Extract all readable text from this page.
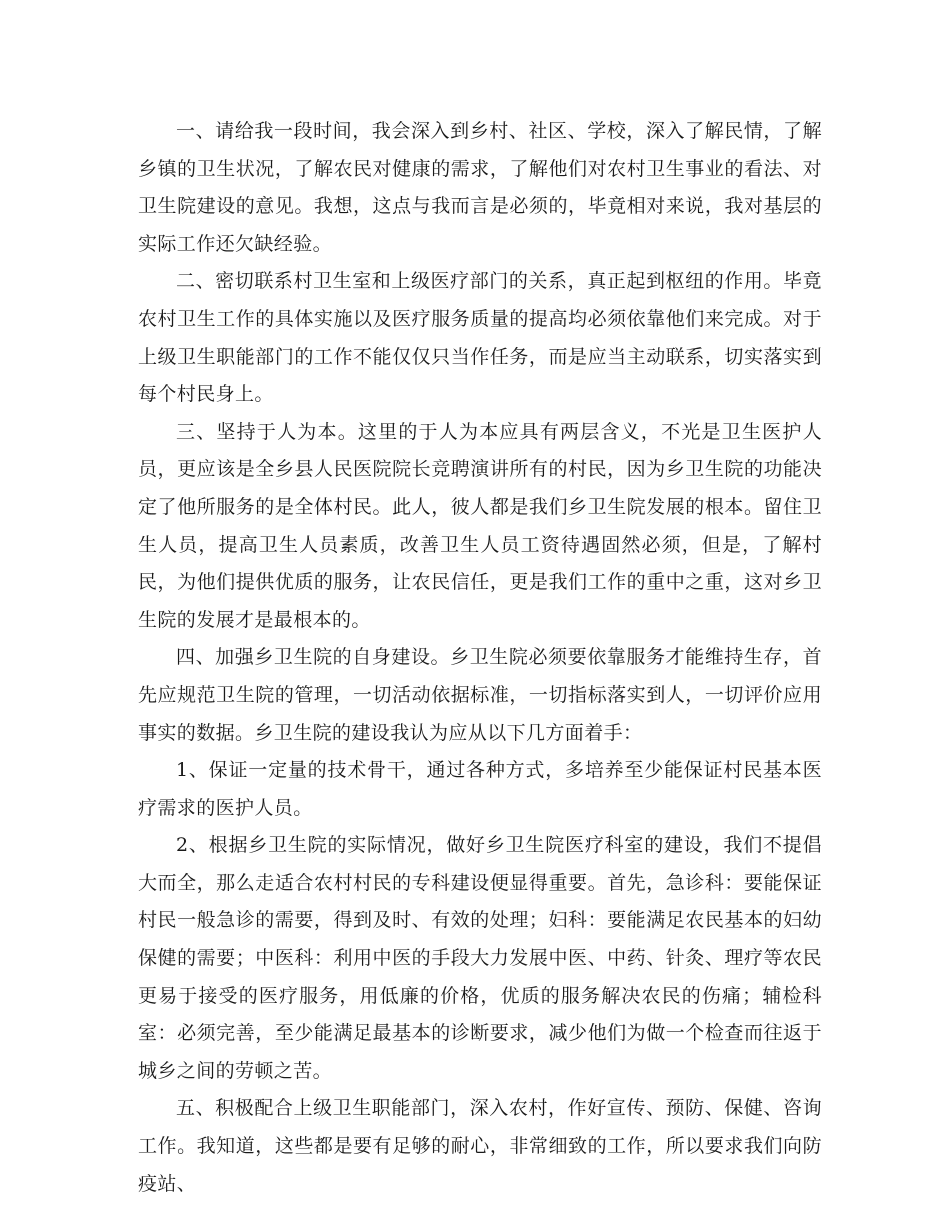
一、请给我一段时间，我会深入到乡村、社区、学校，深入了解民情，了解乡镇的卫生状况，了解农民对健康的需求，了解他们对农村卫生事业的看法、对卫生院建设的意见。我想，这点与我而言是必须的，毕竟相对来说，我对基层的实际工作还欠缺经验。

二、密切联系村卫生室和上级医疗部门的关系，真正起到枢纽的作用。毕竟农村卫生工作的具体实施以及医疗服务质量的提高均必须依靠他们来完成。对于上级卫生职能部门的工作不能仅仅只当作任务，而是应当主动联系，切实落实到每个村民身上。

三、坚持于人为本。这里的于人为本应具有两层含义，不光是卫生医护人员，更应该是全乡县人民医院院长竞聘演讲所有的村民，因为乡卫生院的功能决定了他所服务的是全体村民。此人，彼人都是我们乡卫生院发展的根本。留住卫生人员，提高卫生人员素质，改善卫生人员工资待遇固然必须，但是，了解村民，为他们提供优质的服务，让农民信任，更是我们工作的重中之重，这对乡卫生院的发展才是最根本的。

四、加强乡卫生院的自身建设。乡卫生院必须要依靠服务才能维持生存，首先应规范卫生院的管理，一切活动依据标准，一切指标落实到人，一切评价应用事实的数据。乡卫生院的建设我认为应从以下几方面着手：

1、保证一定量的技术骨干，通过各种方式，多培养至少能保证村民基本医疗需求的医护人员。

2、根据乡卫生院的实际情况，做好乡卫生院医疗科室的建设，我们不提倡大而全，那么走适合农村村民的专科建设便显得重要。首先，急诊科：要能保证村民一般急诊的需要，得到及时、有效的处理；妇科：要能满足农民基本的妇幼保健的需要；中医科：利用中医的手段大力发展中医、中药、针灸、理疗等农民更易于接受的医疗服务，用低廉的价格，优质的服务解决农民的伤痛；辅检科室：必须完善，至少能满足最基本的诊断要求，减少他们为做一个检查而往返于城乡之间的劳顿之苦。

五、积极配合上级卫生职能部门，深入农村，作好宣传、预防、保健、咨询工作。我知道，这些都是要有足够的耐心，非常细致的工作，所以要求我们向防疫站、
